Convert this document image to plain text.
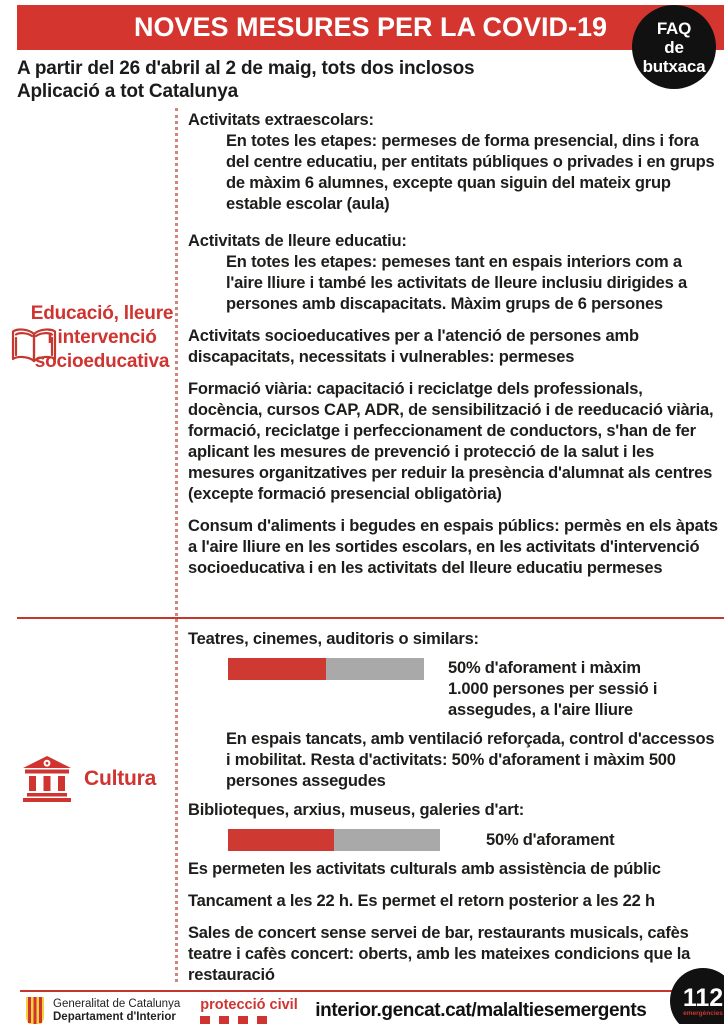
NOVES MESURES PER LA COVID-19	FAQ
de
butxaca
A partir del 26 d'abril al 2 de maig, tots dos inclosos
Aplicació a tot Catalunya
Educació, lleure i intervenció socioeducativa
Cultura
Activitats extraescolars:

En totes les etapes: permeses de forma presencial, dins i fora del centre educatiu, per entitats públiques o privades i en grups de màxim 6 alumnes, excepte quan siguin del mateix grup estable escolar (aula)

Activitats de lleure educatiu:

En totes les etapes: pemeses tant en espais interiors com a l'aire lliure i també les activitats de lleure inclusiu dirigides a persones amb discapacitats. Màxim grups de 6 persones

Activitats socioeducatives per a l'atenció de persones amb discapacitats, necessitats i vulnerables: permeses

Formació viària: capacitació i reciclatge dels professionals, docència, cursos CAP, ADR, de sensibilització i de reeducació viària, formació, reciclatge i perfeccionament de conductors, s'han de fer aplicant les mesures de prevenció i protecció de la salut i les mesures organitzatives per reduir la presència d'alumnat als centres (excepte formació presencial obligatòria)

Consum d'aliments i begudes en espais públics: permès en els àpats a l'aire lliure en les sortides escolars, en les activitats d'intervenció socioeducativa i en les activitats del lleure educatiu permeses

Teatres, cinemes, auditoris o similars:
50% d'aforament i màxim 1.000 persones per sessió i assegudes, a l'aire lliure

En espais tancats, amb ventilació reforçada, control d'accessos i mobilitat. Resta d'activitats: 50% d'aforament i màxim 500 persones assegudes

Biblioteques, arxius, museus, galeries d'art:
50% d'aforament

Es permeten les activitats culturals amb assistència de públic

Tancament a les 22 h. Es permet el retorn posterior a les 22 h

Sales de concert sense servei de bar, restaurants musicals, cafès teatre i cafès concert: oberts, amb les mateixes condicions que la restauració

Generalitat de Catalunya
Departament d'Interior
protecció civil interior.gencat.cat/malaltiesemergents	112
emergències
